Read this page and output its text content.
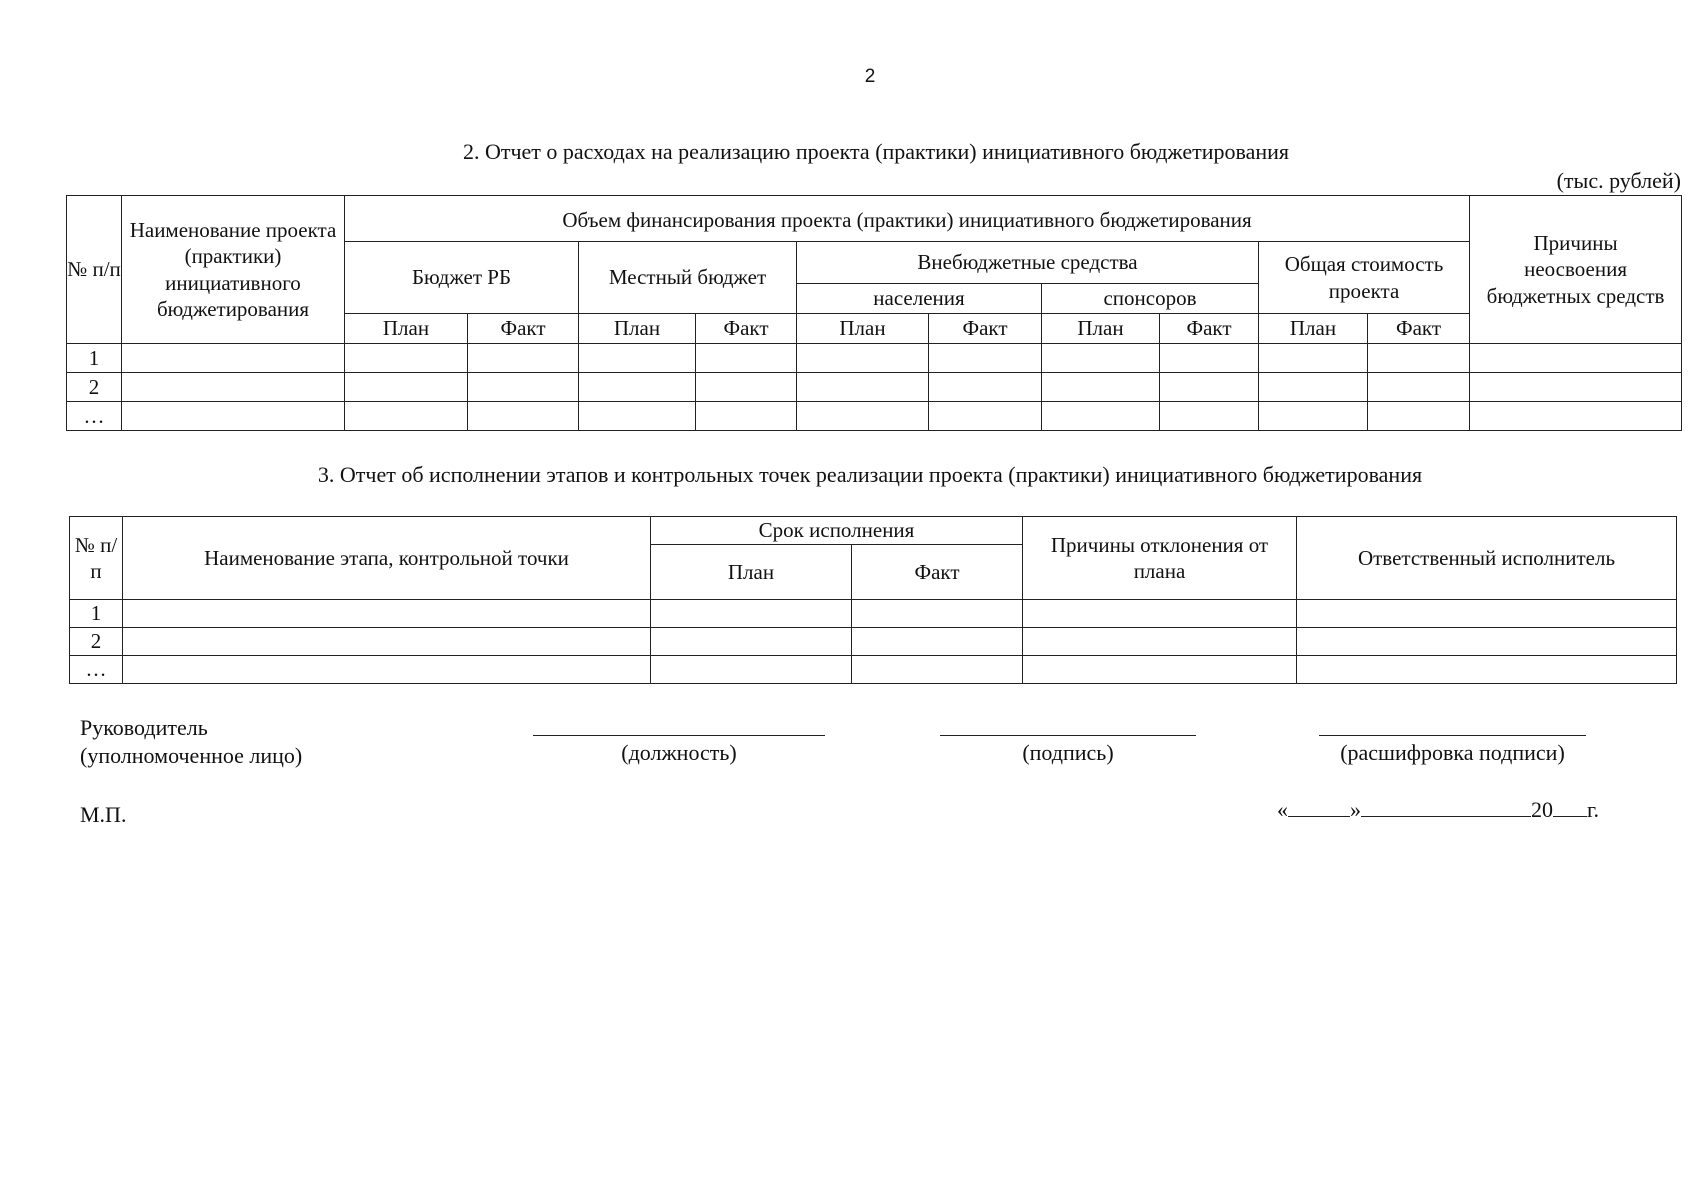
2
2. Отчет о расходах на реализацию проекта (практики) инициативного бюджетирования
(тыс. рублей)
№ п/п	Наименование проекта (практики) инициативного бюджетирования	Объем финансирования проекта (практики) инициативного бюджетирования										Причины неосвоения бюджетных средств
		Бюджет РБ		Местный бюджет		Внебюджетные средства				Общая стоимость проекта		
						населения		спонсоров				
		План	Факт	План	Факт	План	Факт	План	Факт	План	Факт	
1												
2												
…												
3. Отчет об исполнении этапов и контрольных точек реализации проекта (практики) инициативного бюджетирования
№ п/п	Наименование этапа, контрольной точки	Срок исполнения		Причины отклонения от плана	Ответственный исполнитель
		План	Факт		
1					
2					
…					
Руководитель
(уполномоченное лицо)	(должность)	(подпись)	(расшифровка подписи)
М.П.	«	»	20 г.
